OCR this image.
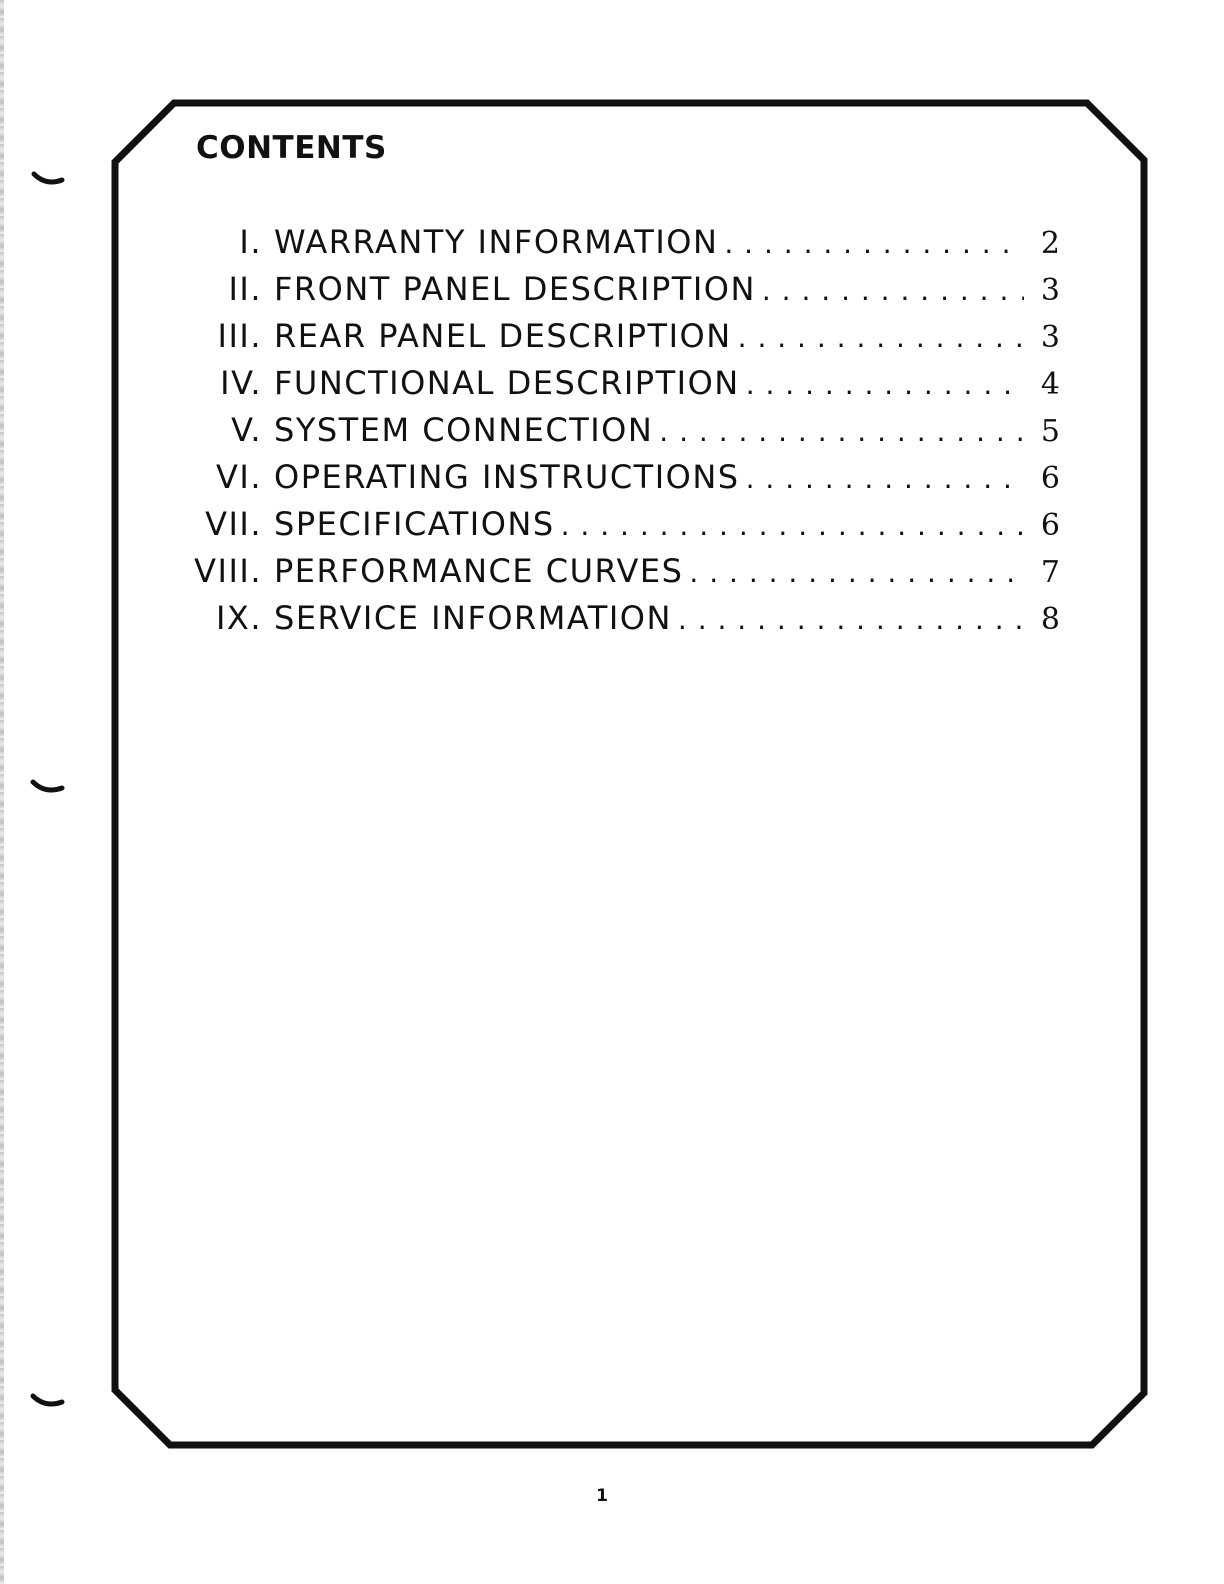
CONTENTS
I. WARRANTY INFORMATION . . .	2
II. FRONT PANEL DESCRIPTION . . .	3
III. REAR PANEL DESCRIPTION . . .	3
IV. FUNCTIONAL DESCRIPTION . . .	4
V. SYSTEM CONNECTION . . .	5
VI. OPERATING INSTRUCTIONS . . .	6
VII. SPECIFICATIONS . . .	6
VIII. PERFORMANCE CURVES . . .	7
IX. SERVICE INFORMATION . . .	8
1
